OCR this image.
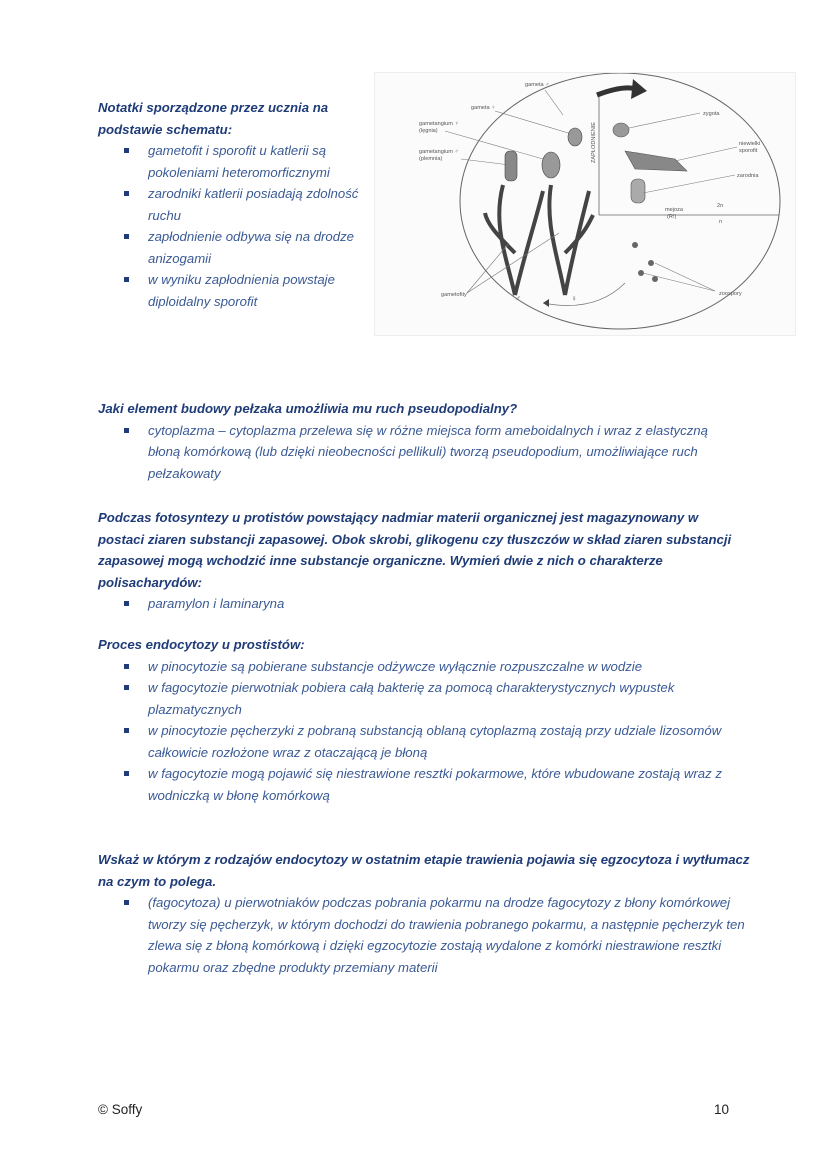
Notatki sporządzone przez ucznia na podstawie schematu:

gametofit i sporofit u katlerii są pokoleniami heteromorficznymi
zarodniki katlerii posiadają zdolność ruchu
zapłodnienie odbywa się na drodze anizogamii
w wyniku zapłodnienia powstaje diploidalny sporofit
ZAPŁODNIENIE
zygota
niewielki
sporofit
zarodnia
mejoza
(R!)
2n
n
gameta ♂
gameta ♀
gametangium ♀
(lęgnia)
gametangium ♂
(plemnia)
gametofity	♂	♀	zoospory

Jaki element budowy pełzaka umożliwia mu ruch pseudopodialny?

cytoplazma – cytoplazma przelewa się w różne miejsca form ameboidalnych i wraz z elastyczną błoną komórkową (lub dzięki nieobecności pellikuli) tworzą pseudopodium, umożliwiające ruch pełzakowaty

Podczas fotosyntezy u protistów powstający nadmiar materii organicznej jest magazynowany w postaci ziaren substancji zapasowej. Obok skrobi, glikogenu czy tłuszczów w skład ziaren substancji zapasowej mogą wchodzić inne substancje organiczne. Wymień dwie z nich o charakterze polisacharydów:

paramylon i laminaryna

Proces endocytozy u prostistów:

w pinocytozie są pobierane substancje odżywcze wyłącznie rozpuszczalne w wodzie
w fagocytozie pierwotniak pobiera całą bakterię za pomocą charakterystycznych wypustek plazmatycznych
w pinocytozie pęcherzyki z pobraną substancją oblaną cytoplazmą zostają przy udziale lizosomów całkowicie rozłożone wraz z otaczającą je błoną
w fagocytozie mogą pojawić się niestrawione resztki pokarmowe, które wbudowane zostają wraz z wodniczką w błonę komórkową

Wskaż w którym z rodzajów endocytozy w ostatnim etapie trawienia pojawia się egzocytoza i wytłumacz na czym to polega.

(fagocytoza) u pierwotniaków podczas pobrania pokarmu na drodze fagocytozy z błony komórkowej tworzy się pęcherzyk, w którym dochodzi do trawienia pobranego pokarmu, a następnie pęcherzyk ten zlewa się z błoną komórkową i dzięki egzocytozie zostają wydalone z komórki niestrawione resztki pokarmu oraz zbędne produkty przemiany materii
© Soffy	10
